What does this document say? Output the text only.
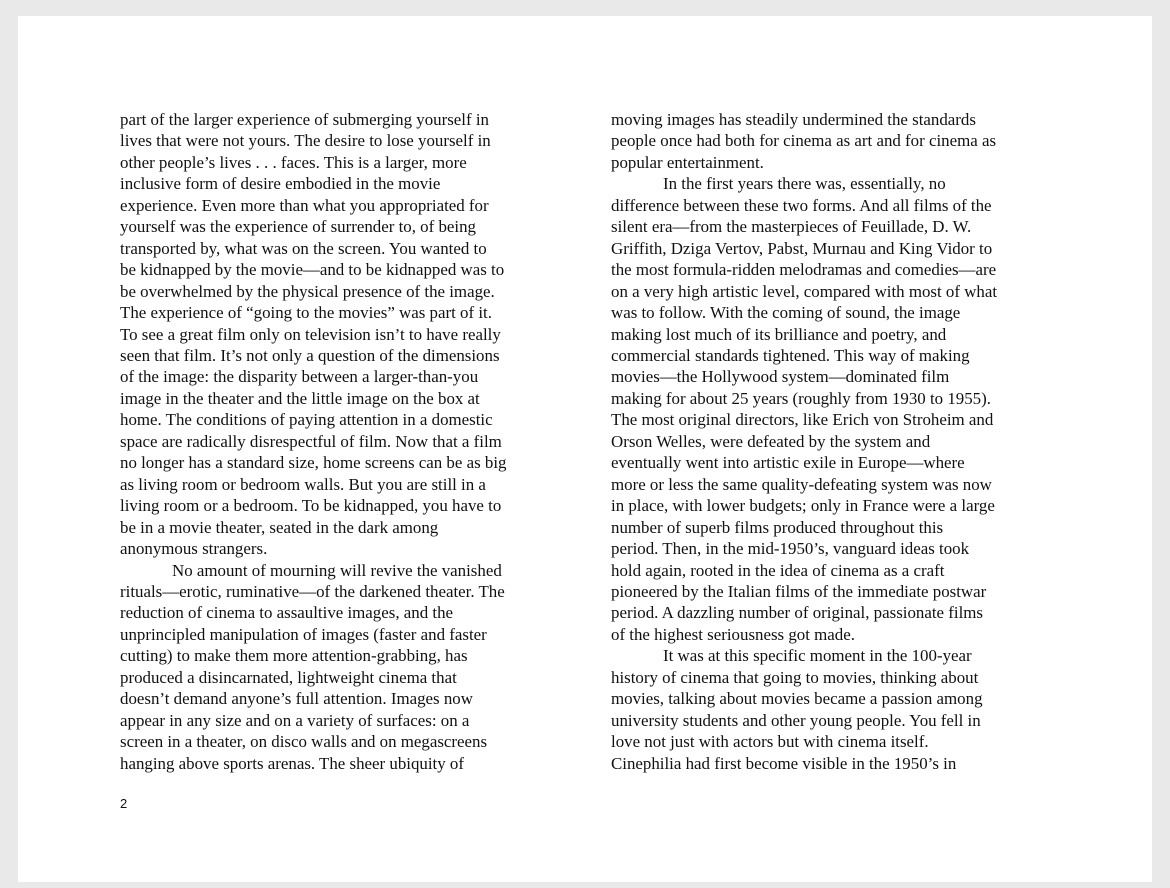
part of the larger experience of submerging yourself in
lives that were not yours. The desire to lose yourself in
other people’s lives . . . faces. This is a larger, more
inclusive form of desire embodied in the movie
experience. Even more than what you appropriated for
yourself was the experience of surrender to, of being
transported by, what was on the screen. You wanted to
be kidnapped by the movie—and to be kidnapped was to
be overwhelmed by the physical presence of the image.
The experience of “going to the movies” was part of it.
To see a great film only on television isn’t to have really
seen that film. It’s not only a question of the dimensions
of the image: the disparity between a larger-than-you
image in the theater and the little image on the box at
home. The conditions of paying attention in a domestic
space are radically disrespectful of film. Now that a film
no longer has a standard size, home screens can be as big
as living room or bedroom walls. But you are still in a
living room or a bedroom. To be kidnapped, you have to
be in a movie theater, seated in the dark among
anonymous strangers.
No amount of mourning will revive the vanished
rituals—erotic, ruminative—of the darkened theater. The
reduction of cinema to assaultive images, and the
unprincipled manipulation of images (faster and faster
cutting) to make them more attention-grabbing, has
produced a disincarnated, lightweight cinema that
doesn’t demand anyone’s full attention. Images now
appear in any size and on a variety of surfaces: on a
screen in a theater, on disco walls and on megascreens
hanging above sports arenas. The sheer ubiquity of
moving images has steadily undermined the standards
people once had both for cinema as art and for cinema as
popular entertainment.
In the first years there was, essentially, no
difference between these two forms. And all films of the
silent era—from the masterpieces of Feuillade, D. W.
Griffith, Dziga Vertov, Pabst, Murnau and King Vidor to
the most formula-ridden melodramas and comedies—are
on a very high artistic level, compared with most of what
was to follow. With the coming of sound, the image
making lost much of its brilliance and poetry, and
commercial standards tightened. This way of making
movies—the Hollywood system—dominated film
making for about 25 years (roughly from 1930 to 1955).
The most original directors, like Erich von Stroheim and
Orson Welles, were defeated by the system and
eventually went into artistic exile in Europe—where
more or less the same quality-defeating system was now
in place, with lower budgets; only in France were a large
number of superb films produced throughout this
period. Then, in the mid-1950’s, vanguard ideas took
hold again, rooted in the idea of cinema as a craft
pioneered by the Italian films of the immediate postwar
period. A dazzling number of original, passionate films
of the highest seriousness got made.
It was at this specific moment in the 100-year
history of cinema that going to movies, thinking about
movies, talking about movies became a passion among
university students and other young people. You fell in
love not just with actors but with cinema itself.
Cinephilia had first become visible in the 1950’s in
2
